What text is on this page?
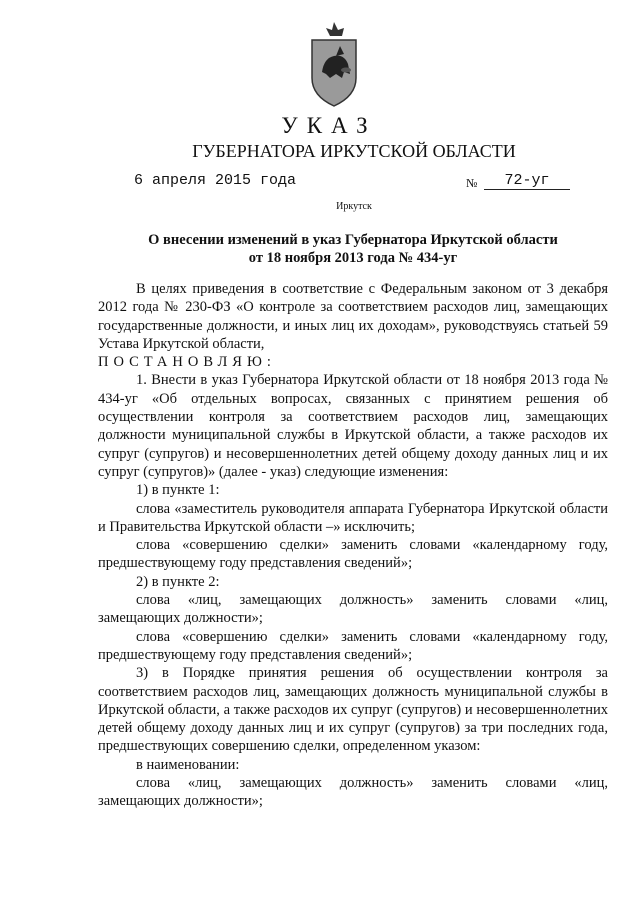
УКАЗ
ГУБЕРНАТОРА ИРКУТСКОЙ ОБЛАСТИ
6 апреля 2015 года	№	72-уг
Иркутск
О внесении изменений в указ Губернатора Иркутской области
от 18 ноября 2013 года № 434-уг

В целях приведения в соответствие с Федеральным законом от 3 декабря 2012 года № 230-ФЗ «О контроле за соответствием расходов лиц, замещающих государственные должности, и иных лиц их доходам», руководствуясь статьей 59 Устава Иркутской области,

ПОСТАНОВЛЯЮ:

1. Внести в указ Губернатора Иркутской области от 18 ноября 2013 года № 434-уг «Об отдельных вопросах, связанных с принятием решения об осуществлении контроля за соответствием расходов лиц, замещающих должности муниципальной службы в Иркутской области, а также расходов их супруг (супругов) и несовершеннолетних детей общему доходу данных лиц и их супруг (супругов)» (далее - указ) следующие изменения:

1) в пункте 1:

слова «заместитель руководителя аппарата Губернатора Иркутской области и Правительства Иркутской области –» исключить;

слова «совершению сделки» заменить словами «календарному году, предшествующему году представления сведений»;

2) в пункте 2:

слова «лиц, замещающих должность» заменить словами «лиц, замещающих должности»;

слова «совершению сделки» заменить словами «календарному году, предшествующему году представления сведений»;

3) в Порядке принятия решения об осуществлении контроля за соответствием расходов лиц, замещающих должность муниципальной службы в Иркутской области, а также расходов их супруг (супругов) и несовершеннолетних детей общему доходу данных лиц и их супруг (супругов) за три последних года, предшествующих совершению сделки, определенном указом:

в наименовании:

слова «лиц, замещающих должность» заменить словами «лиц, замещающих должности»;
